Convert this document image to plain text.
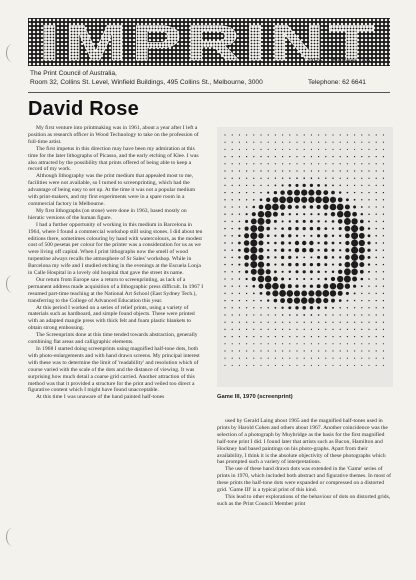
IMPRINT
The Print Council of Australia,
Room 32, Collins St. Level, Winfield Buildings, 495 Collins St., Melbourne, 3000
1975 — Number Two
Telephone: 62 6641
David Rose

My first venture into printmaking was in 1961, about a year after I left a position as research officer in Wood Technology to take on the profession of full-time artist.

The first impetus in this direction may have been my admiration at this time for the later lithographs of Picasso, and the early etching of Klee. I was also attracted by the possibility that prints offered of being able to keep a record of my work.

Although lithography was the print medium that appealed most to me, facilities were not available, so I turned to screenprinting, which had the advantage of being easy to set up. At the time it was not a popular medium with print-makers, and my first experiments were in a spare room in a commercial factory in Melbourne.

My first lithographs (on stone) were done in 1963, based mostly on hieratic versions of the human figure.

I had a further opportunity of working in this medium in Barcelona in 1964, where I found a commercial workshop still using stones. I did about ten editions there, sometimes colouring by hand with watercolours, as the modest cost of 500 pesetas per colour for the printer was a consideration for us as we were living off capital. When I print lithographs now the smell of wood turpentine always recalls the atmosphere of Sr Sales' workshop. While in Barcelona my wife and I studied etching in the evenings at the Escuela Lonja in Calle Hospital in a lovely old hospital that gave the street its name.

Our return from Europe saw a return to screenprinting, as lack of a permanent address made acquisition of a lithographic press difficult. In 1967 I resumed part-time teaching at the National Art School (East Sydney Tech.), transferring to the College of Advanced Education this year.

At this period I worked on a series of relief prints, using a variety of materials such as hardboard, and simple found objects. These were printed with an adapted mangle press with thick felt and foam plastic blankets to obtain strong embossing.

The Screenprints done at this time tended towards abstraction, generally combining flat areas and calligraphic elements.

In 1968 I started doing screenprints using magnified half-tone dots, both with photo-enlargements and with hand drawn screens. My principal interest with these was to determine the limit of 'readability' and resolution which of course varied with the scale of the dots and the distance of viewing. It was surprising how much detail a coarse grid carried. Another attraction of this method was that it provided a structure for the print and veiled too direct a figurative content which I might have found unacceptable.

At this time I was unaware of the hand painted half-tones	Game III, 1970 (screenprint)

used by Gerald Laing about 1965 and the magnified half-tones used in prints by Harold Cohen and others about 1967. Another coincidence was the selection of a photograph by Muybridge as the basis for the first magnified half-tone print I did. I found later that artists such as Bacon, Hamilton and Hockney had based paintings on his photo-graphs. Apart from their availability, I think it is the absolute objectivity of these photographs which has prompted such a variety of interpretations.

The use of these hand drawn dots was extended in the 'Game' series of prints in 1970, which included both abstract and figurative themes. In most of these prints the half-tone dots were expanded or compressed on a distorted grid. 'Game III' is a typical print of this kind.

This lead to other explorations of the behaviour of dots on distorted grids, such as the Print Council Member print
